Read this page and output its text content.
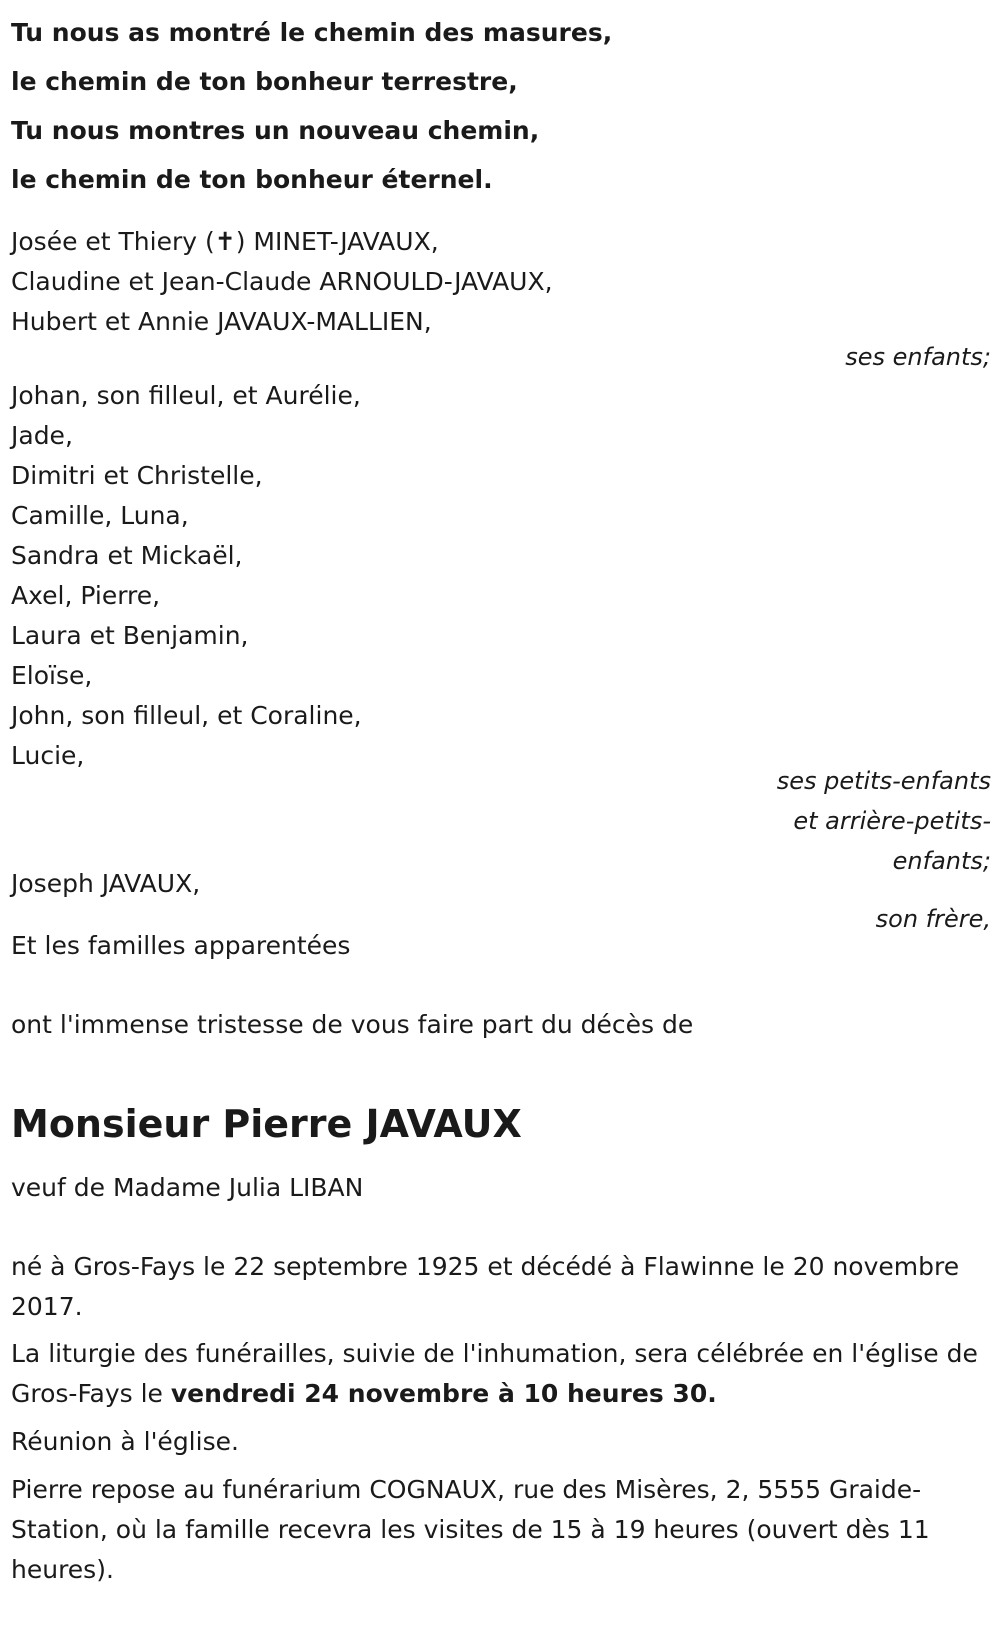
Tu nous as montré le chemin des masures,
le chemin de ton bonheur terrestre,
Tu nous montres un nouveau chemin,
le chemin de ton bonheur éternel.
Josée et Thiery (✝) MINET-JAVAUX,
Claudine et Jean-Claude ARNOULD-JAVAUX,
Hubert et Annie JAVAUX-MALLIEN,
ses enfants;
Johan, son filleul, et Aurélie,
Jade,
Dimitri et Christelle,
Camille, Luna,
Sandra et Mickaël,
Axel, Pierre,
Laura et Benjamin,
Eloïse,
John, son filleul, et Coraline,
Lucie,
ses petits-enfants
et arrière-petits-
enfants;
Joseph JAVAUX,
son frère,
Et les familles apparentées
ont l'immense tristesse de vous faire part du décès de
Monsieur Pierre JAVAUX
veuf de Madame Julia LIBAN
né à Gros-Fays le 22 septembre 1925 et décédé à Flawinne le 20 novembre 2017.
La liturgie des funérailles, suivie de l'inhumation, sera célébrée en l'église de Gros-Fays le vendredi 24 novembre à 10 heures 30.
Réunion à l'église.
Pierre repose au funérarium COGNAUX, rue des Misères, 2, 5555 Graide-Station, où la famille recevra les visites de 15 à 19 heures (ouvert dès 11 heures).
